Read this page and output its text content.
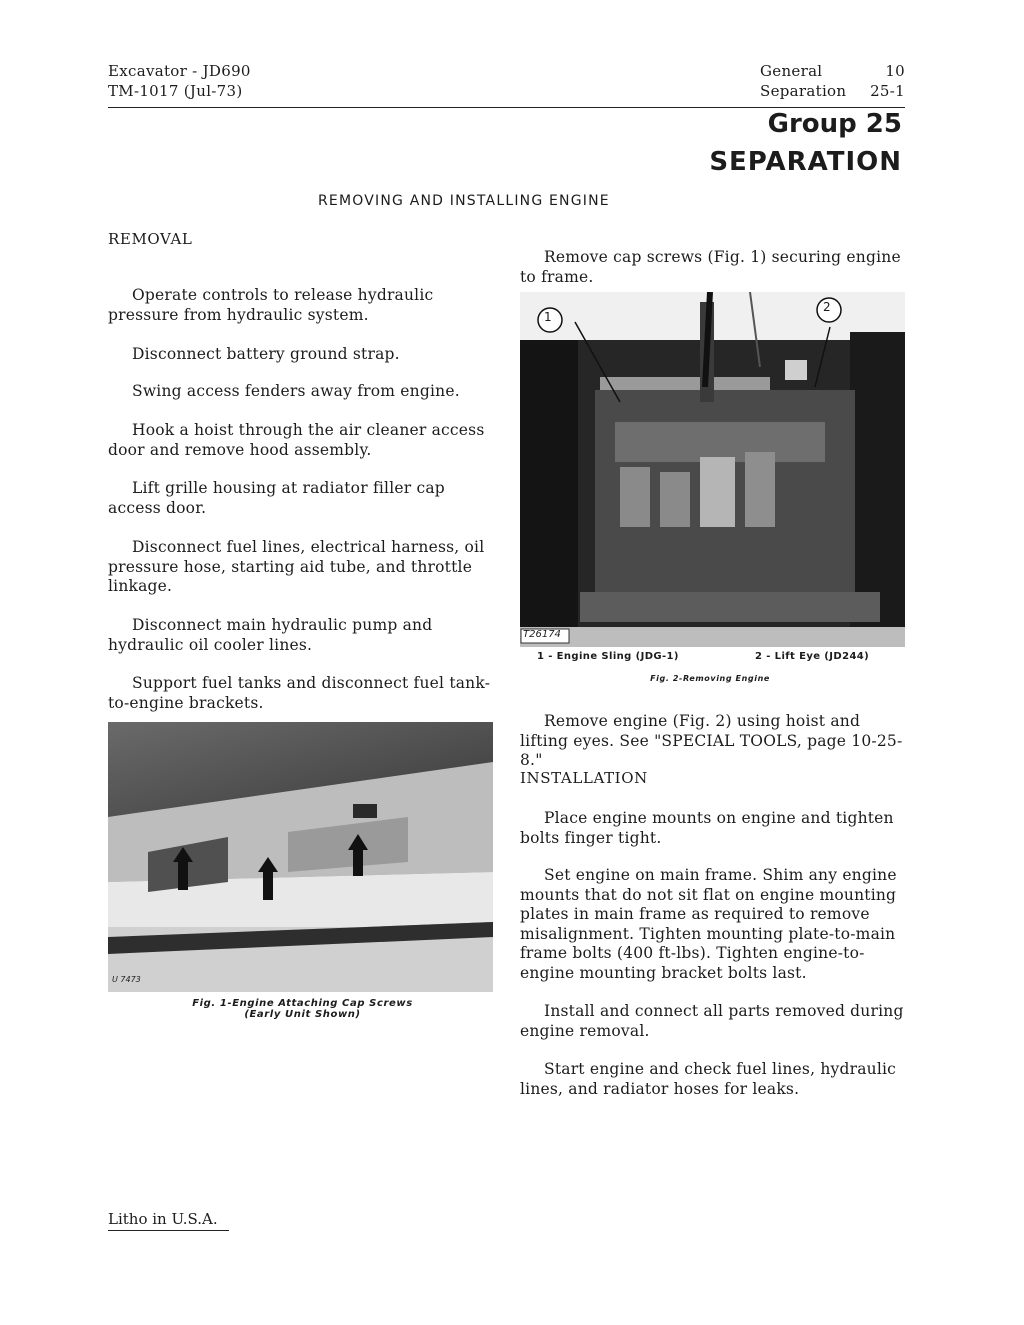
Excavator - JD690
TM-1017 (Jul-73)
General	10
Separation	25-1
Group 25
SEPARATION
REMOVING AND INSTALLING ENGINE
REMOVAL

Operate controls to release hydraulic pressure from hydraulic system.

Disconnect battery ground strap.

Swing access fenders away from engine.

Hook a hoist through the air cleaner access door and remove hood assembly.

Lift grille housing at radiator filler cap access door.

Disconnect fuel lines, electrical harness, oil pressure hose, starting aid tube, and throttle linkage.

Disconnect main hydraulic pump and hydraulic oil cooler lines.

Support fuel tanks and disconnect fuel tank-to-engine brackets.

U 7473
Fig. 1-Engine Attaching Cap Screws
(Early Unit Shown)

Remove cap screws (Fig. 1) securing engine to frame.

1
2
T26174
1 - Engine Sling (JDG-1)	2 - Lift Eye (JD244)
Fig. 2-Removing Engine

Remove engine (Fig. 2) using hoist and lifting eyes. See "SPECIAL TOOLS, page 10-25-8."

INSTALLATION

Place engine mounts on engine and tighten bolts finger tight.

Set engine on main frame. Shim any engine mounts that do not sit flat on engine mounting plates in main frame as required to remove misalignment. Tighten mounting plate-to-main frame bolts (400 ft-lbs). Tighten engine-to-engine mounting bracket bolts last.

Install and connect all parts removed during engine removal.

Start engine and check fuel lines, hydraulic lines, and radiator hoses for leaks.

Litho in U.S.A.
